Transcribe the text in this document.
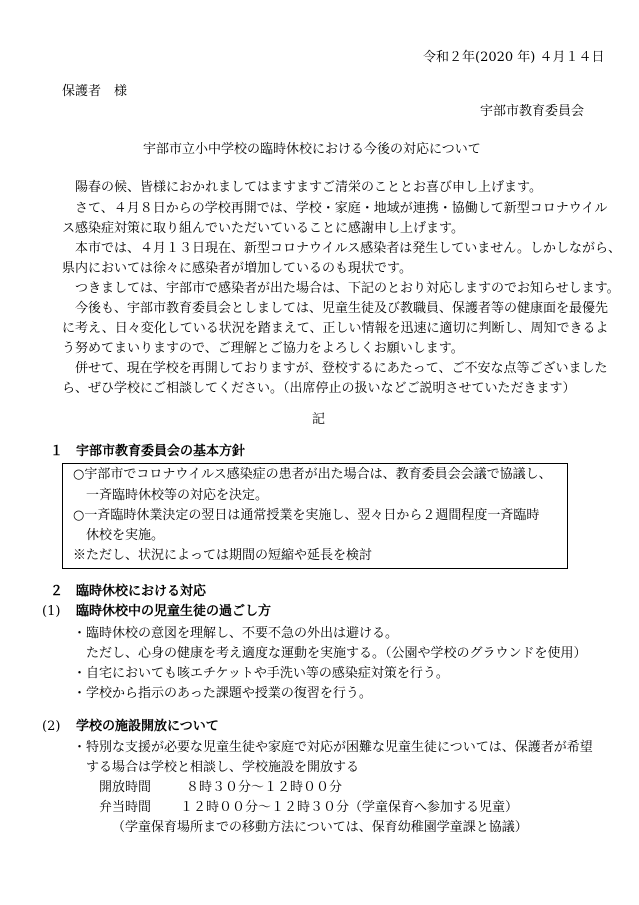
令和２年(2020 年) ４月１４日
保護者　様
宇部市教育委員会
宇部市立小中学校の臨時休校における今後の対応について
陽春の候、皆様におかれましてはますますご清栄のこととお喜び申し上げます。
さて、４月８日からの学校再開では、学校・家庭・地域が連携・協働して新型コロナウイル
ス感染症対策に取り組んでいただいていることに感謝申し上げます。
本市では、４月１３日現在、新型コロナウイルス感染者は発生していません。しかしながら、
県内においては徐々に感染者が増加しているのも現状です。
つきましては、宇部市で感染者が出た場合は、下記のとおり対応しますのでお知らせします。
今後も、宇部市教育委員会としましては、児童生徒及び教職員、保護者等の健康面を最優先
に考え、日々変化している状況を踏まえて、正しい情報を迅速に適切に判断し、周知できるよ
う努めてまいりますので、ご理解とご協力をよろしくお願いします。
併せて、現在学校を再開しておりますが、登校するにあたって、ご不安な点等ございました
ら、ぜひ学校にご相談してください。（出席停止の扱いなどご説明させていただきます）
記
１　宇部市教育委員会の基本方針
○宇部市でコロナウイルス感染症の患者が出た場合は、教育委員会会議で協議し、
一斉臨時休校等の対応を決定。
○一斉臨時休業決定の翌日は通常授業を実施し、翌々日から２週間程度一斉臨時
休校を実施。
※ただし、状況によっては期間の短縮や延長を検討
２　臨時休校における対応
(1) 臨時休校中の児童生徒の過ごし方
・臨時休校の意図を理解し、不要不急の外出は避ける。
ただし、心身の健康を考え適度な運動を実施する。（公園や学校のグラウンドを使用）
・自宅においても咳エチケットや手洗い等の感染症対策を行う。
・学校から指示のあった課題や授業の復習を行う。
(2) 学校の施設開放について
・特別な支援が必要な児童生徒や家庭で対応が困難な児童生徒については、保護者が希望
する場合は学校と相談し、学校施設を開放する
開放時間	８時３０分～１２時００分
弁当時間 １２時００分～１２時３０分（学童保育へ参加する児童）
（学童保育場所までの移動方法については、保育幼稚園学童課と協議）
